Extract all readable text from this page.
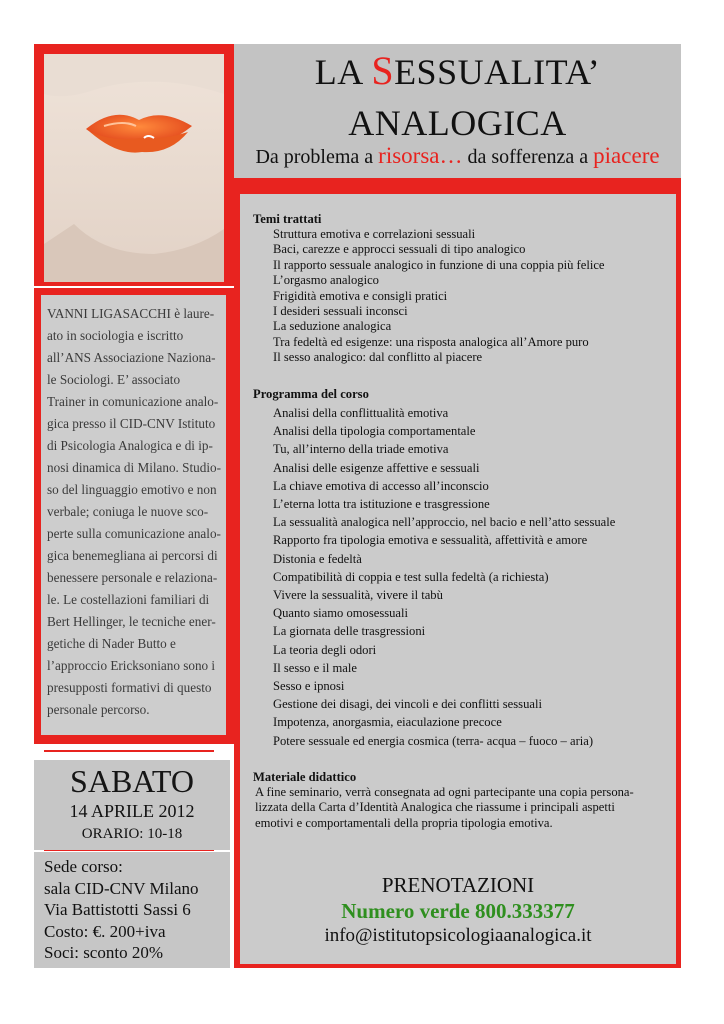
LA SESSUALITA’
ANALOGICA
Da problema a risorsa… da sofferenza a piacere
VANNI LIGASACCHI è laure-
ato in sociologia e iscritto
all’ANS Associazione Naziona-
le Sociologi. E’ associato
Trainer in comunicazione analo-
gica presso il CID-CNV Istituto
di Psicologia Analogica e di ip-
nosi dinamica di Milano. Studio-
so del linguaggio emotivo e non
verbale; coniuga le nuove sco-
perte sulla comunicazione analo-
gica benemegliana ai percorsi di
benessere personale e relaziona-
le. Le costellazioni familiari di
Bert Hellinger, le tecniche ener-
getiche di Nader Butto e
l’approccio Ericksoniano sono i
presupposti formativi di questo
personale percorso.
SABATO
14 APRILE 2012
ORARIO: 10-18
Sede corso:
sala CID-CNV Milano
Via Battistotti Sassi 6
Costo: €. 200+iva
Soci: sconto 20%
Temi trattati
Struttura emotiva e correlazioni sessuali
Baci, carezze e approcci sessuali di tipo analogico
Il rapporto sessuale analogico in funzione di una coppia più felice
L’orgasmo analogico
Frigidità emotiva e consigli pratici
I desideri sessuali inconsci
La seduzione analogica
Tra fedeltà ed esigenze: una risposta analogica all’Amore puro
Il sesso analogico: dal conflitto al piacere
Programma del corso
Analisi della conflittualità emotiva
Analisi della tipologia comportamentale
Tu, all’interno della triade emotiva
Analisi delle esigenze affettive e sessuali
La chiave emotiva di accesso all’inconscio
L’eterna lotta tra istituzione e trasgressione
La sessualità analogica nell’approccio, nel bacio e nell’atto sessuale
Rapporto fra tipologia emotiva e sessualità, affettività e amore
Distonia e fedeltà
Compatibilità di coppia e test sulla fedeltà (a richiesta)
Vivere la sessualità, vivere il tabù
Quanto siamo omosessuali
La giornata delle trasgressioni
La teoria degli odori
Il sesso e il male
Sesso e ipnosi
Gestione dei disagi, dei vincoli e dei conflitti sessuali
Impotenza, anorgasmia, eiaculazione precoce
Potere sessuale ed energia cosmica (terra- acqua – fuoco – aria)
Materiale didattico
A fine seminario, verrà consegnata ad ogni partecipante una copia persona-
lizzata della Carta d’Identità Analogica che riassume i principali aspetti
emotivi e comportamentali della propria tipologia emotiva.
PRENOTAZIONI
Numero verde 800.333377
info@istitutopsicologiaanalogica.it
